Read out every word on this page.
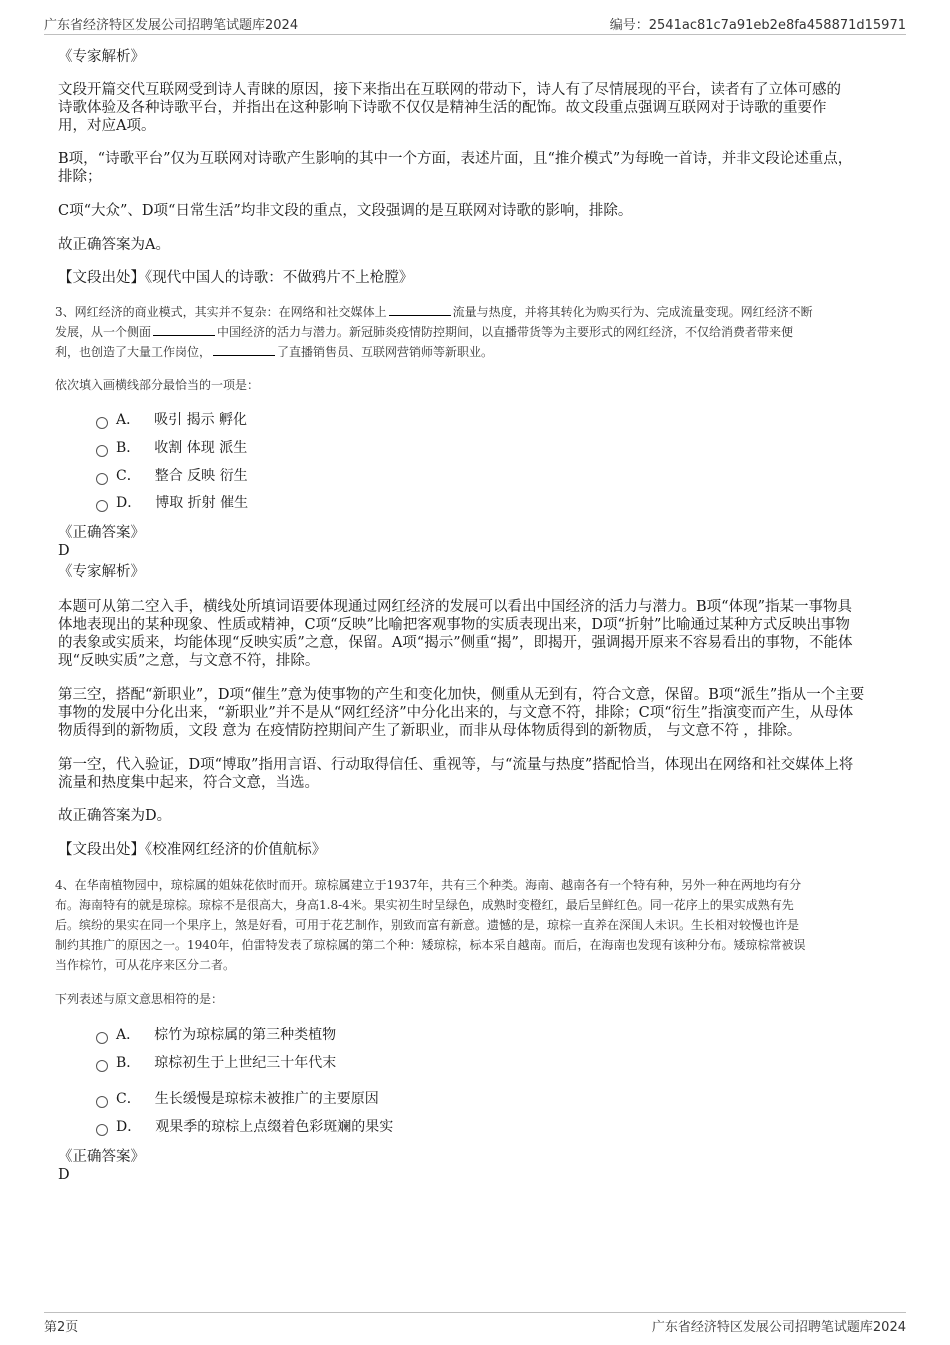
广东省经济特区发展公司招聘笔试题库2024	编号：2541ac81c7a91eb2e8fa458871d15971
《专家解析》
文段开篇交代互联网受到诗人青睐的原因，接下来指出在互联网的带动下，诗人有了尽情展现的平台，读者有了立体可感的
诗歌体验及各种诗歌平台，并指出在这种影响下诗歌不仅仅是精神生活的配饰。故文段重点强调互联网对于诗歌的重要作
用，对应A项。
B项，“诗歌平台”仅为互联网对诗歌产生影响的其中一个方面，表述片面，且“推介模式”为每晚一首诗，并非文段论述重点，
排除；
C项“大众”、D项“日常生活”均非文段的重点，文段强调的是互联网对诗歌的影响，排除。
故正确答案为A。
【文段出处】《现代中国人的诗歌：不做鸦片不上枪膛》
3、网红经济的商业模式，其实并不复杂：在网络和社交媒体上	流量与热度，并将其转化为购买行为、完成流量变现。网红经济不断
发展，从一个侧面	中国经济的活力与潜力。新冠肺炎疫情防控期间，以直播带货等为主要形式的网红经济，不仅给消费者带来便
利，也创造了大量工作岗位，	了直播销售员、互联网营销师等新职业。
依次填入画横线部分最恰当的一项是：
A． 吸引 揭示 孵化
B． 收割 体现 派生
C． 整合 反映 衍生
D． 博取 折射 催生
《正确答案》
D
《专家解析》
本题可从第二空入手，横线处所填词语要体现通过网红经济的发展可以看出中国经济的活力与潜力。B项“体现”指某一事物具
体地表现出的某种现象、性质或精神，C项“反映”比喻把客观事物的实质表现出来，D项“折射”比喻通过某种方式反映出事物
的表象或实质来，均能体现“反映实质”之意，保留。A项“揭示”侧重“揭”，即揭开，强调揭开原来不容易看出的事物，不能体
现“反映实质”之意，与文意不符，排除。
第三空，搭配“新职业”，D项“催生”意为使事物的产生和变化加快，侧重从无到有，符合文意，保留。B项“派生”指从一个主要
事物的发展中分化出来，“新职业”并不是从“网红经济”中分化出来的，与文意不符，排除；C项“衍生”指演变而产生，从母体
物质得到的新物质，文段 意为 在疫情防控期间产生了新职业，而非从母体物质得到的新物质， 与文意不符 ，排除。
第一空，代入验证，D项“博取”指用言语、行动取得信任、重视等，与“流量与热度”搭配恰当，体现出在网络和社交媒体上将
流量和热度集中起来，符合文意，当选。
故正确答案为D。
【文段出处】《校准网红经济的价值航标》
4、在华南植物园中，琼棕属的姐妹花依时而开。琼棕属建立于1937年，共有三个种类。海南、越南各有一个特有种，另外一种在两地均有分
布。海南特有的就是琼棕。琼棕不是很高大，身高1.8-4米。果实初生时呈绿色，成熟时变橙红，最后呈鲜红色。同一花序上的果实成熟有先
后。缤纷的果实在同一个果序上，煞是好看，可用于花艺制作，别致而富有新意。遗憾的是，琼棕一直养在深闺人未识。生长相对较慢也许是
制约其推广的原因之一。1940年，伯雷特发表了琼棕属的第二个种：矮琼棕，标本采自越南。而后，在海南也发现有该种分布。矮琼棕常被误
当作棕竹，可从花序来区分二者。
下列表述与原文意思相符的是：
A． 棕竹为琼棕属的第三种类植物
B． 琼棕初生于上世纪三十年代末
C． 生长缓慢是琼棕未被推广的主要原因
D． 观果季的琼棕上点缀着色彩斑斓的果实
《正确答案》
D
第2页	广东省经济特区发展公司招聘笔试题库2024
